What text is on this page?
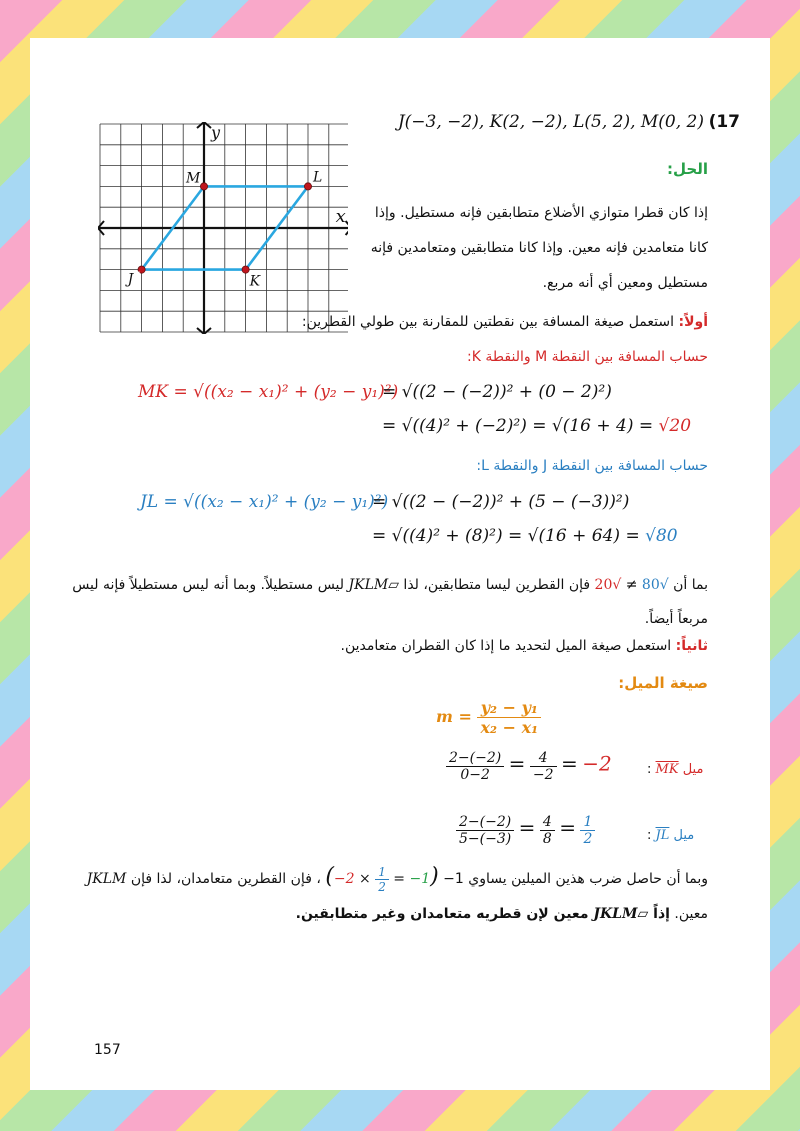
(17
J(−3, −2), K(2, −2), L(5, 2), M(0, 2)
x
y
J	K
L
M
الحل:
إذا كان قطرا متوازي الأضلاع متطابقين فإنه مستطيل. وإذا
كانا متعامدين فإنه معين. وإذا كانا متطابقين ومتعامدين فإنه
مستطيل ومعين أي أنه مربع.
أولاً: استعمل صيغة المسافة بين نقطتين للمقارنة بين طولي القطرين:
حساب المسافة بين النقطة M والنقطة K:
MK = √((x₂ − x₁)² + (y₂ − y₁)²)
= √((2 − (−2))² + (0 − 2)²)
= √((4)² + (−2)²) = √(16 + 4) = √20
حساب المسافة بين النقطة J والنقطة L:
JL = √((x₂ − x₁)² + (y₂ − y₁)²)
= √((2 − (−2))² + (5 − (−3))²)
= √((4)² + (8)²) = √(16 + 64) = √80
بما أن √80 ≠ √20 فإن القطرين ليسا متطابقين، لذا ▱JKLM ليس مستطيلاً. وبما أنه ليس مستطيلاً فإنه ليس
مربعاً أيضاً.
ثانياً: استعمل صيغة الميل لتحديد ما إذا كان القطران متعامدين.
صيغة الميل:
$m = \frac{\text{y₂ − y₁}}{\text{x₂ − x₁}}$
$\frac{2-(-2)}{0-2} = \frac{4}{-2} = -2$	: $\overline{MK}$ ميل
$\frac{2-(-2)}{5-(-3)} = \frac{4}{8} = \frac{1}{2}$	: $\overline{JL}$ ميل
وبما أن حاصل ضرب هذين الميلين يساوي $1- (-2 \times \frac{1}{2} = -1)$ ، فإن القطرين متعامدان، لذا فإن JKLM
معين. إذاً ▱JKLM معين لإن قطريه متعامدان وغير متطابقين.
157
